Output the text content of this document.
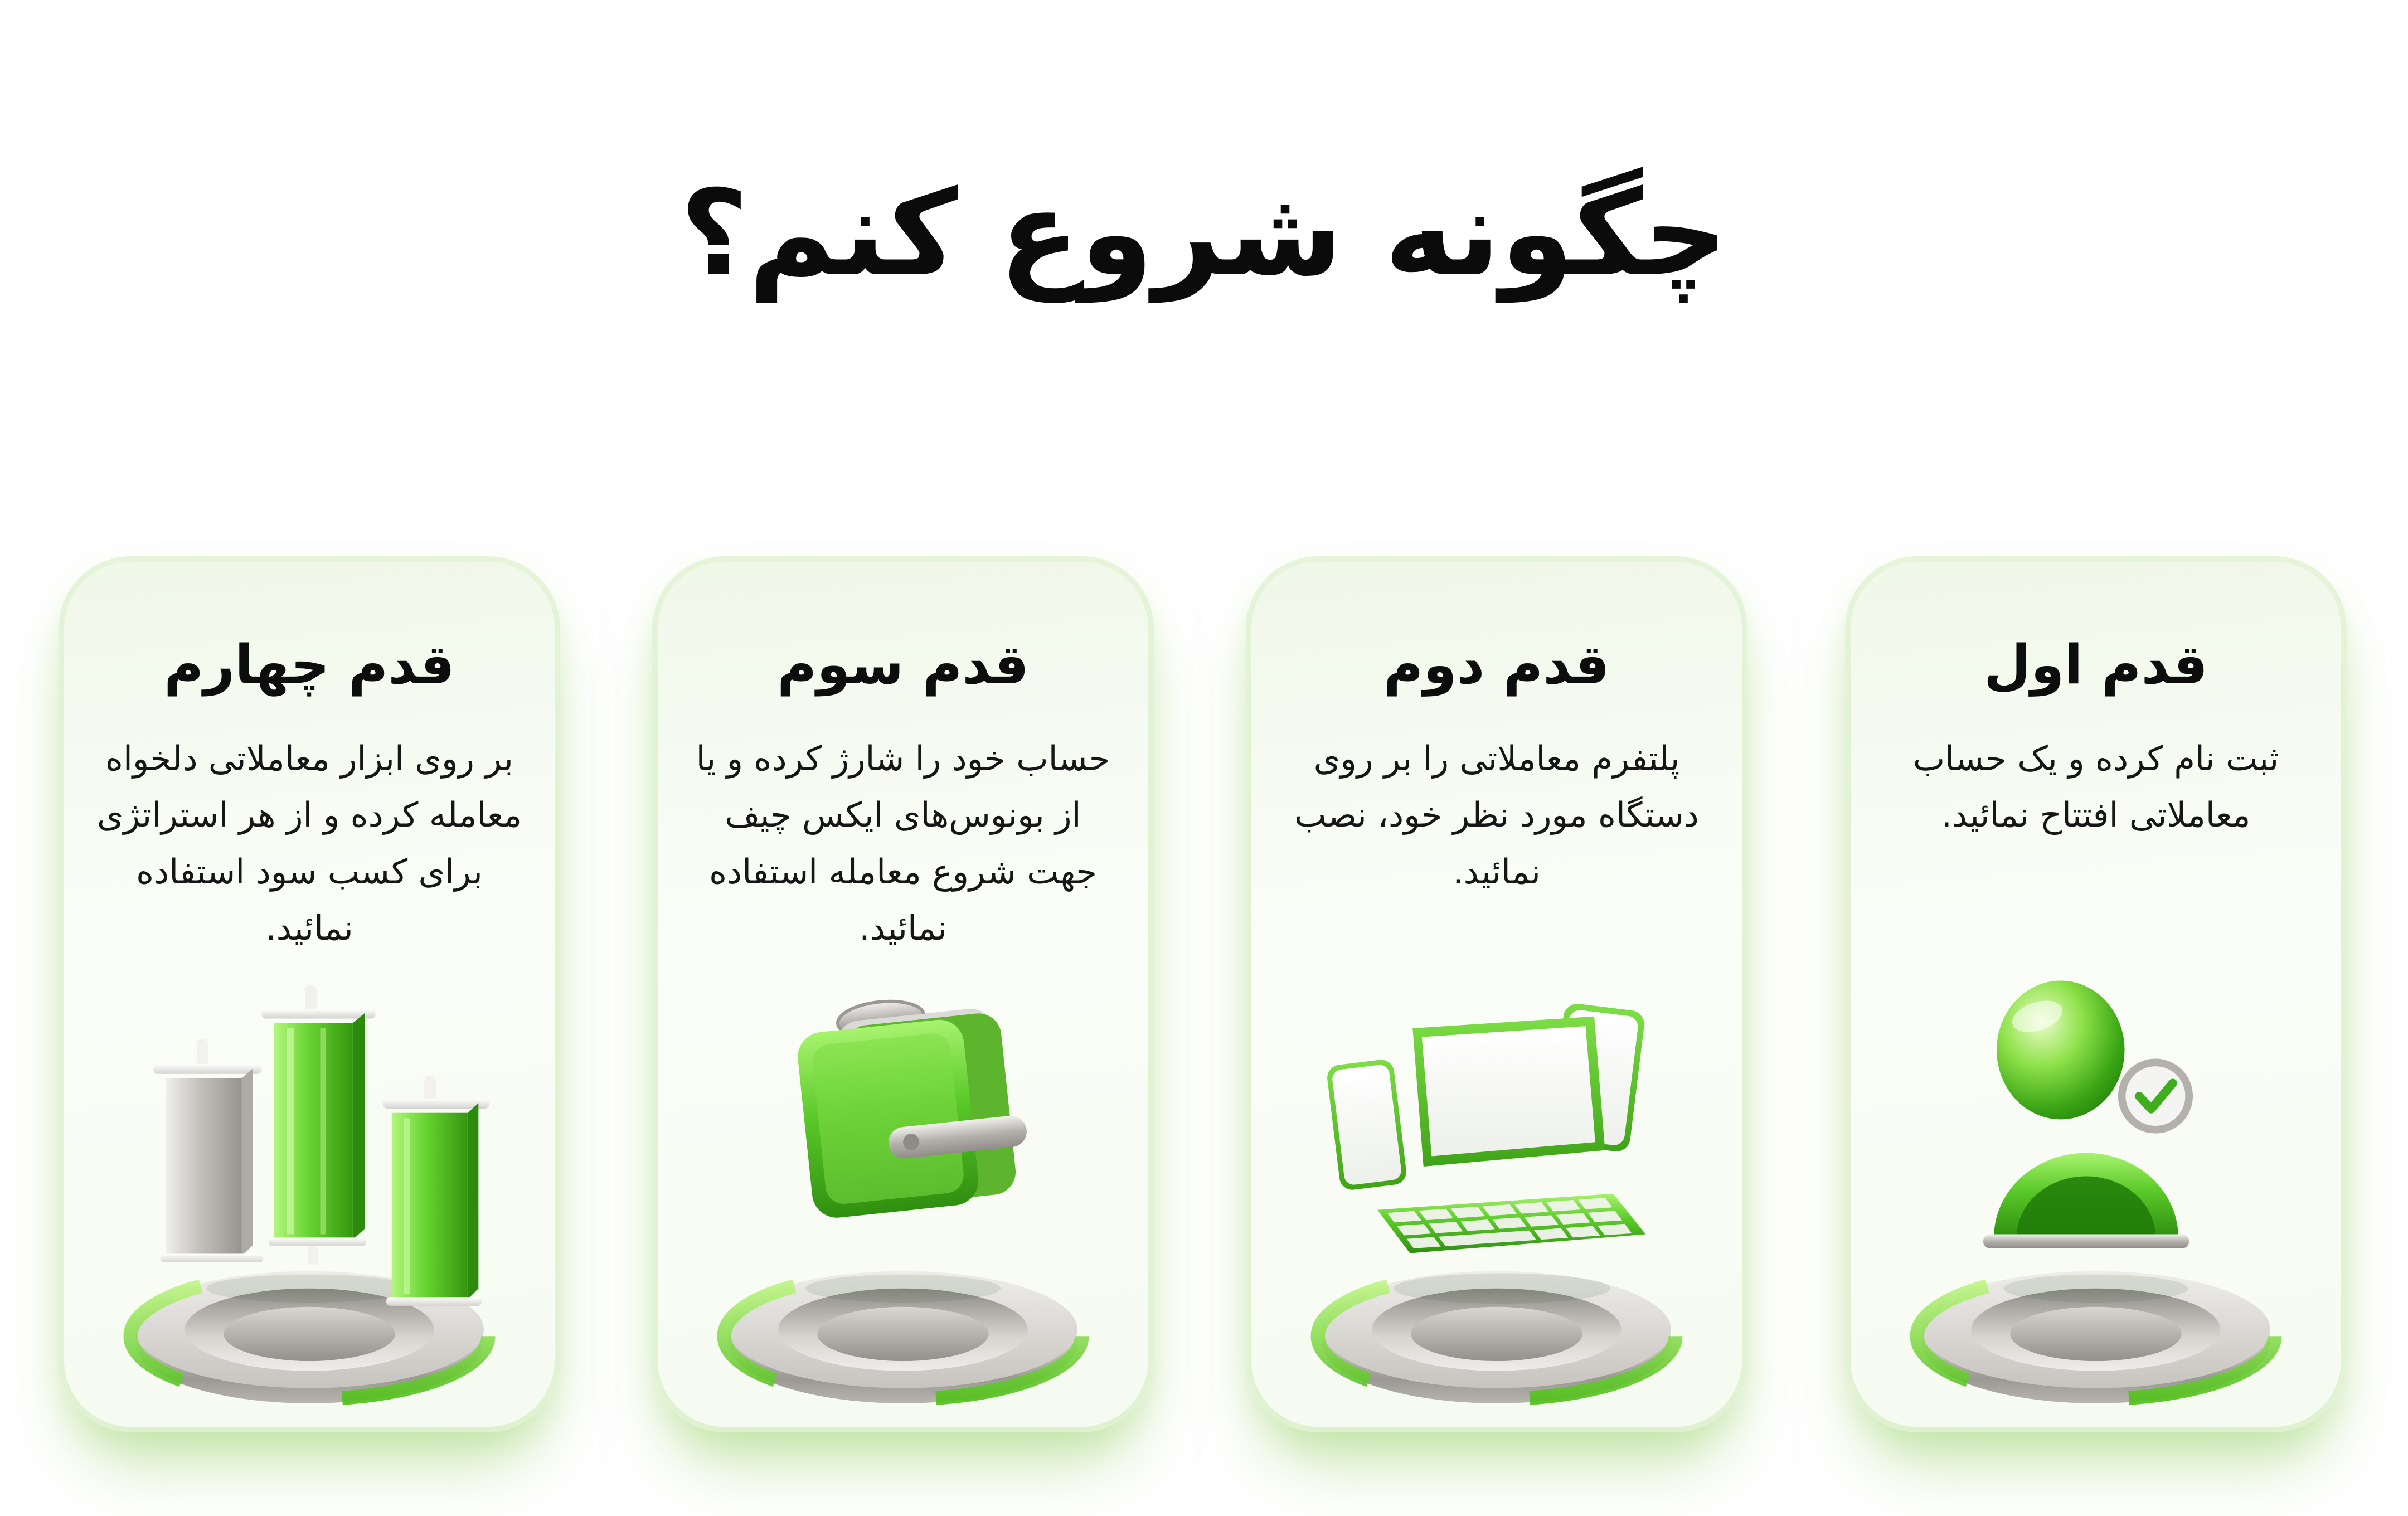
چگونه شروع کنم؟
قدم اول

ثبت نام کرده و یک حساب معاملاتی افتتاح نمائید.

قدم دوم

پلتفرم معاملاتی را بر روی دستگاه مورد نظر خود، نصب نمائید.

قدم سوم

حساب خود را شارژ کرده و یا از بونوس‌های ایکس چیف جهت شروع معامله استفاده نمائید.

قدم چهارم

بر روی ابزار معاملاتی دلخواه معامله کرده و از هر استراتژی برای کسب سود استفاده نمائید.
